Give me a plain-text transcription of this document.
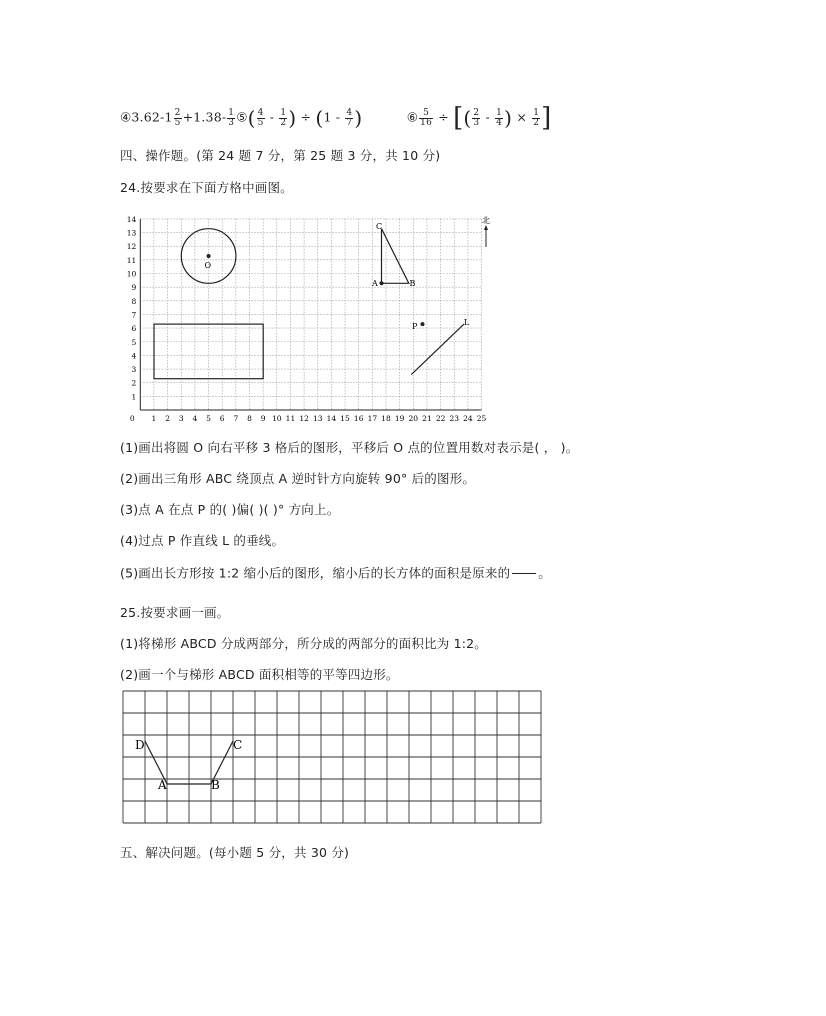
④3.62-1 $\frac{2}{5} +1.38- \frac{1}{3}$ ⑤( $\frac{4}{5} - \frac{1}{2}$ ) ÷ ($1 - \frac{4}{7}$ )	⑥ $\frac{5}{16}$ ÷ [( $\frac{2}{3} - \frac{1}{4}$ ) × $\frac{1}{2}$ ]
四、操作题。(第 24 题 7 分，第 25 题 3 分，共 10 分)
24.按要求在下面方格中画图。
0 1 2 3 4 5 6 7 8 9 10 11 12 13 14 15 16 17 18 19 20 21 22 23 24 25
1
2
3
4
5
6
7
8
9
10
11
12
13
14
O
A	B
C
P	L
北
(1)画出将圆 O 向右平移 3 格后的图形，平移后 O 点的位置用数对表示是( ， )。
(2)画出三角形 ABC 绕顶点 A 逆时针方向旋转 90° 后的图形。
(3)点 A 在点 P 的( )偏( )( )° 方向上。
(4)过点 P 作直线 L 的垂线。
(5)画出长方形按 1:2 缩小后的图形，缩小后的长方体的面积是原来的 。
25.按要求画一画。
(1)将梯形 ABCD 分成两部分，所分成的两部分的面积比为 1:2。
(2)画一个与梯形 ABCD 面积相等的平等四边形。
D	C
A	B
五、解决问题。(每小题 5 分，共 30 分)
